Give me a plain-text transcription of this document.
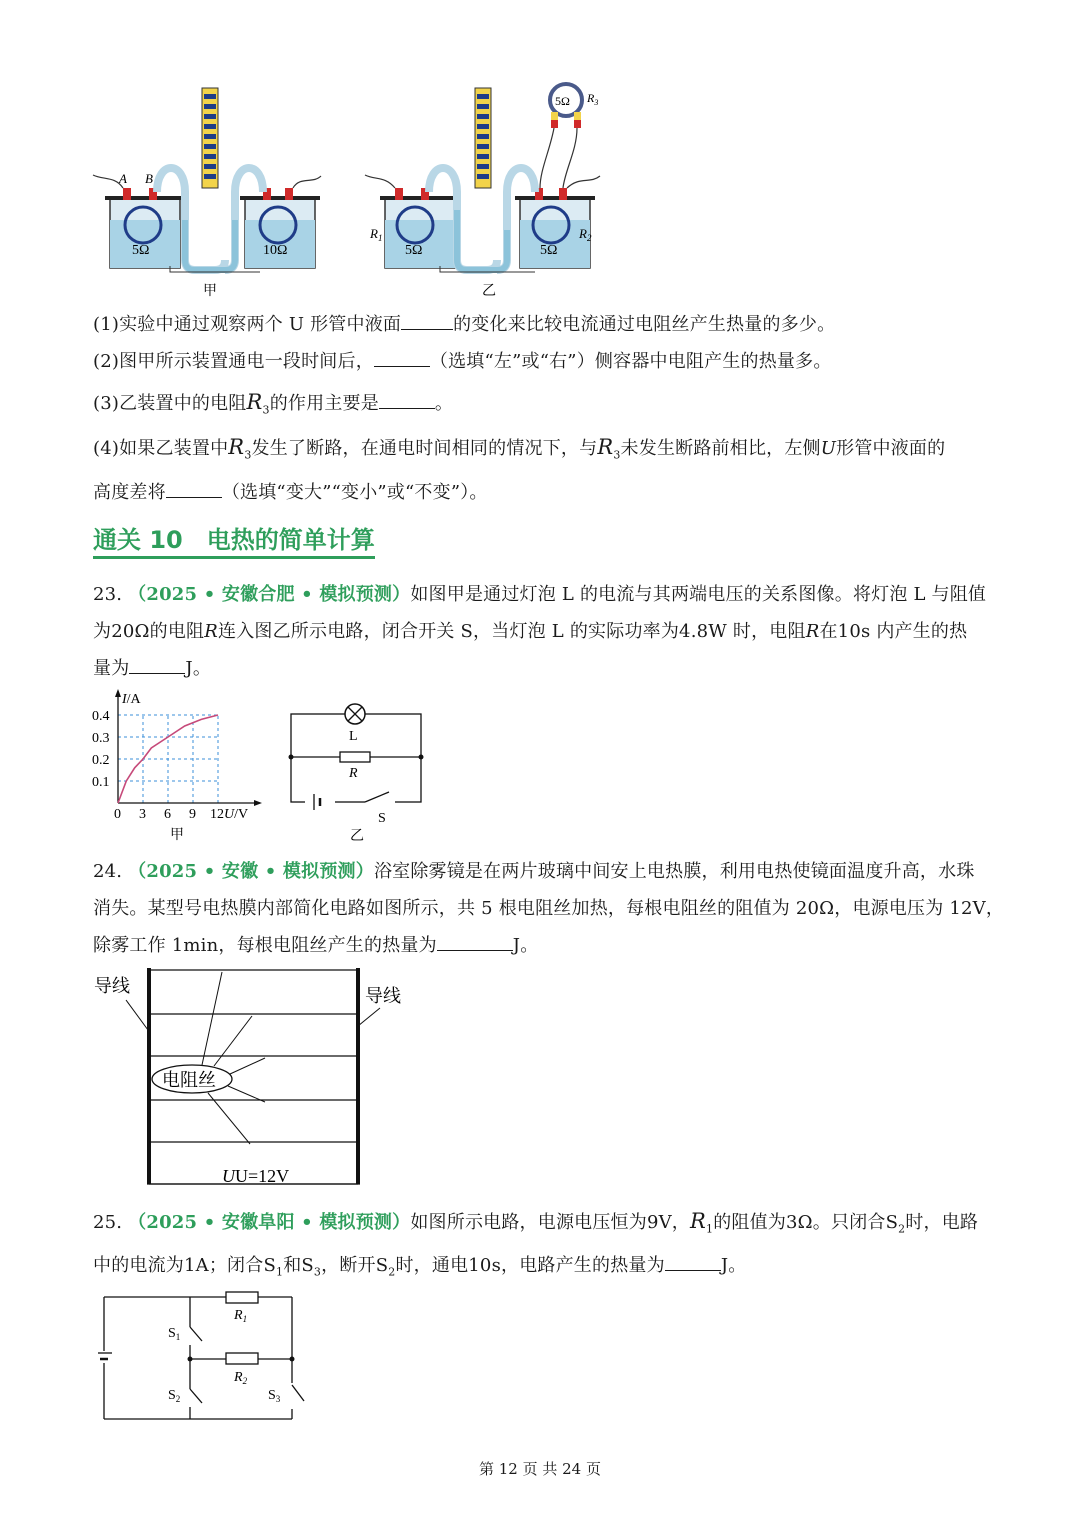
5Ω
A B
10Ω
甲
5Ω
$R_1$
5Ω
$R_2$
5Ω $R_3$
乙
(1)实验中通过观察两个 U 形管中液面	的变化来比较电流通过电阻丝产生热量的多少。
(2)图甲所示装置通电一段时间后，	（选填“左”或“右”）侧容器中电阻产生的热量多。
(3)乙装置中的电阻$R_3$的作用主要是	。
(4)如果乙装置中$R_3$发生了断路，在通电时间相同的情况下，与$R_3$未发生断路前相比，左侧U形管中液面的
高度差将	（选填“变大”“变小”或“不变”）。
通关 10　电热的简单计算
23. （2025 • 安徽合肥 • 模拟预测）如图甲是通过灯泡 L 的电流与其两端电压的关系图像。将灯泡 L 与阻值
为20Ω的电阻R连入图乙所示电路，闭合开关 S，当灯泡 L 的实际功率为4.8W 时，电阻R在10s 内产生的热
量为	J。
I/A
U/V
0 3 6 9 12
0.1
0.2
0.3
0.4
甲
L
R
S
乙
24. （2025 • 安徽 • 模拟预测）浴室除雾镜是在两片玻璃中间安上电热膜，利用电热使镜面温度升高，水珠
消失。某型号电热膜内部简化电路如图所示，共 5 根电阻丝加热，每根电阻丝的阻值为 20Ω，电源电压为 12V，
除雾工作 1min，每根电阻丝产生的热量为	J。
导线	导线
电阻丝
UU=12V
25. （2025 • 安徽阜阳 • 模拟预测）如图所示电路，电源电压恒为9V，$R_1$的阻值为3Ω。只闭合$S_2$时，电路
中的电流为1A；闭合$S_1$和$S_3$，断开$S_2$时，通电10s，电路产生的热量为	J。
$R_1$
$S_1$
$R_2$
$S_2$	$S_3$
第 12 页 共 24 页
